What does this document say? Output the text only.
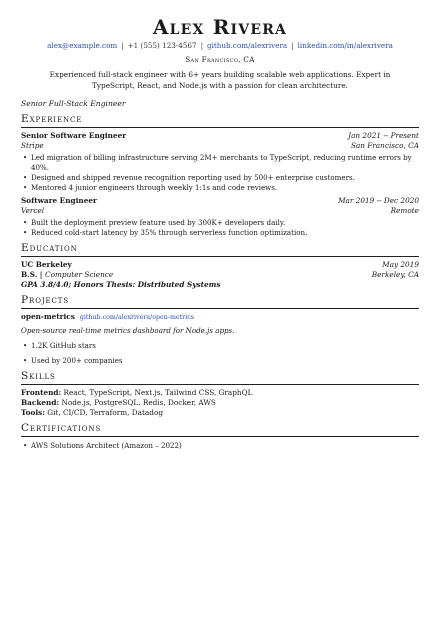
Alex Rivera
alex@example.com | +1 (555) 123-4567 | github.com/alexrivera | linkedin.com/in/alexrivera
San Francisco, CA
Experienced full-stack engineer with 6+ years building scalable web applications. Expert in TypeScript, React, and Node.js with a passion for clean architecture.
Senior Full-Stack Engineer
Experience
Senior Software Engineer	Jan 2021 -- Present
Stripe	San Francisco, CA
• Led migration of billing infrastructure serving 2M+ merchants to TypeScript, reducing runtime errors by 40%.
• Designed and shipped revenue recognition reporting used by 500+ enterprise customers.
• Mentored 4 junior engineers through weekly 1:1s and code reviews.
Software Engineer	Mar 2019 -- Dec 2020
Vercel	Remote
• Built the deployment preview feature used by 300K+ developers daily.
• Reduced cold-start latency by 35% through serverless function optimization.
Education
UC Berkeley	May 2019
B.S. | Computer Science	Berkeley, CA
GPA 3.8/4.0; Honors Thesis: Distributed Systems
Projects
open-metrics github.com/alexrivera/open-metrics
Open-source real-time metrics dashboard for Node.js apps.
• 1.2K GitHub stars
• Used by 200+ companies
Skills
Frontend: React, TypeScript, Next.js, Tailwind CSS, GraphQL
Backend: Node.js, PostgreSQL, Redis, Docker, AWS
Tools: Git, CI/CD, Terraform, Datadog
Certifications
• AWS Solutions Architect (Amazon – 2022)
